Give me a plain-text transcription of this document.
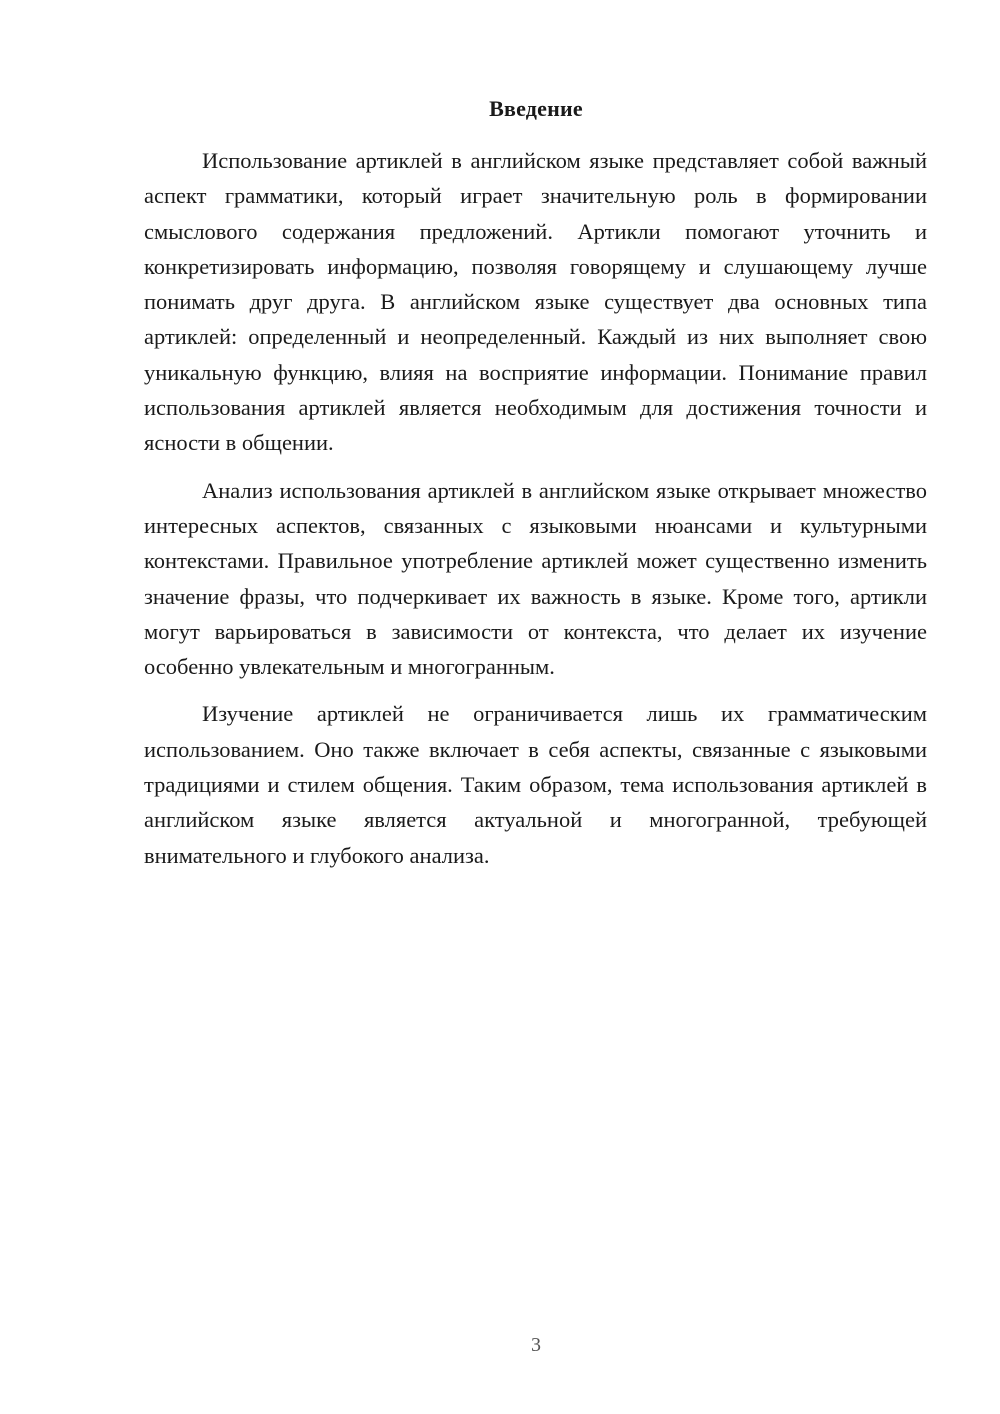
Введение

Использование артиклей в английском языке представляет собой важный аспект грамматики, который играет значительную роль в формировании смыслового содержания предложений. Артикли помогают уточнить и конкретизировать информацию, позволяя говорящему и слушающему лучше понимать друг друга. В английском языке существует два основных типа артиклей: определенный и неопределенный. Каждый из них выполняет свою уникальную функцию, влияя на восприятие информации. Понимание правил использования артиклей является необходимым для достижения точности и ясности в общении.

Анализ использования артиклей в английском языке открывает множество интересных аспектов, связанных с языковыми нюансами и культурными контекстами. Правильное употребление артиклей может существенно изменить значение фразы, что подчеркивает их важность в языке. Кроме того, артикли могут варьироваться в зависимости от контекста, что делает их изучение особенно увлекательным и многогранным.

Изучение артиклей не ограничивается лишь их грамматическим использованием. Оно также включает в себя аспекты, связанные с языковыми традициями и стилем общения. Таким образом, тема использования артиклей в английском языке является актуальной и многогранной, требующей внимательного и глубокого анализа.

3
